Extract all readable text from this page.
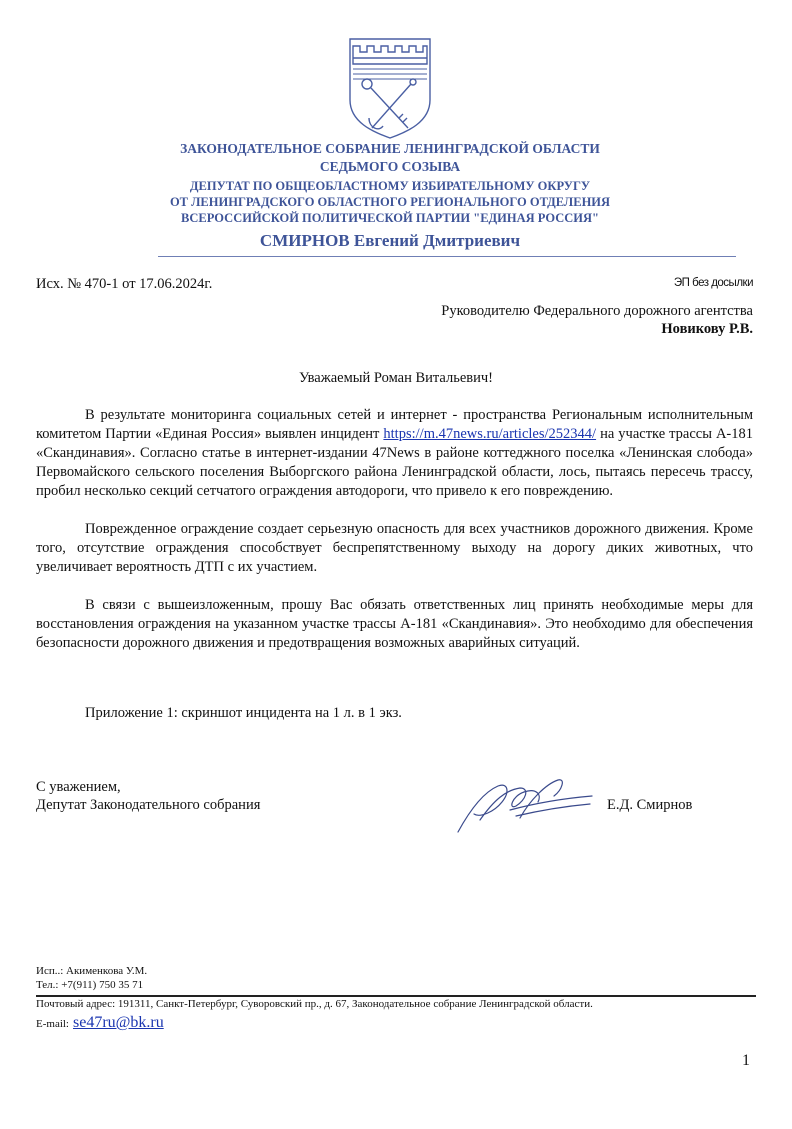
ЗАКОНОДАТЕЛЬНОЕ СОБРАНИЕ ЛЕНИНГРАДСКОЙ ОБЛАСТИ

СЕДЬМОГО СОЗЫВА

ДЕПУТАТ ПО ОБЩЕОБЛАСТНОМУ ИЗБИРАТЕЛЬНОМУ ОКРУГУ

ОТ ЛЕНИНГРАДСКОГО ОБЛАСТНОГО РЕГИОНАЛЬНОГО ОТДЕЛЕНИЯ

ВСЕРОССИЙСКОЙ ПОЛИТИЧЕСКОЙ ПАРТИИ "ЕДИНАЯ РОССИЯ"

СМИРНОВ Евгений Дмитриевич

Исх. № 470-1 от 17.06.2024г.	ЭП без досылки
Руководителю Федерального дорожного агентства
Новикову Р.В.
Уважаемый Роман Витальевич!

В результате мониторинга социальных сетей и интернет - пространства Региональным исполнительным комитетом Партии «Единая Россия» выявлен инцидент https://m.47news.ru/articles/252344/ на участке трассы А-181 «Скандинавия». Согласно статье в интернет-издании 47News в районе коттеджного поселка «Ленинская слобода» Первомайского сельского поселения Выборгского района Ленинградской области, лось, пытаясь пересечь трассу, пробил несколько секций сетчатого ограждения автодороги, что привело к его повреждению.

Поврежденное ограждение создает серьезную опасность для всех участников дорожного движения. Кроме того, отсутствие ограждения способствует беспрепятственному выходу на дорогу диких животных, что увеличивает вероятность ДТП с их участием.

В связи с вышеизложенным, прошу Вас обязать ответственных лиц принять необходимые меры для восстановления ограждения на указанном участке трассы А-181 «Скандинавия». Это необходимо для обеспечения безопасности дорожного движения и предотвращения возможных аварийных ситуаций.

Приложение 1: скриншот инцидента на 1 л. в 1 экз.

С уважением,
Депутат Законодательного собрания	Е.Д. Смирнов
Исп..: Акименкова У.М.
Тел.: +7(911) 750 35 71
Почтовый адрес: 191311, Санкт-Петербург, Суворовский пр., д. 67, Законодательное собрание Ленинградской области.
E-mail: se47ru@bk.ru
1
